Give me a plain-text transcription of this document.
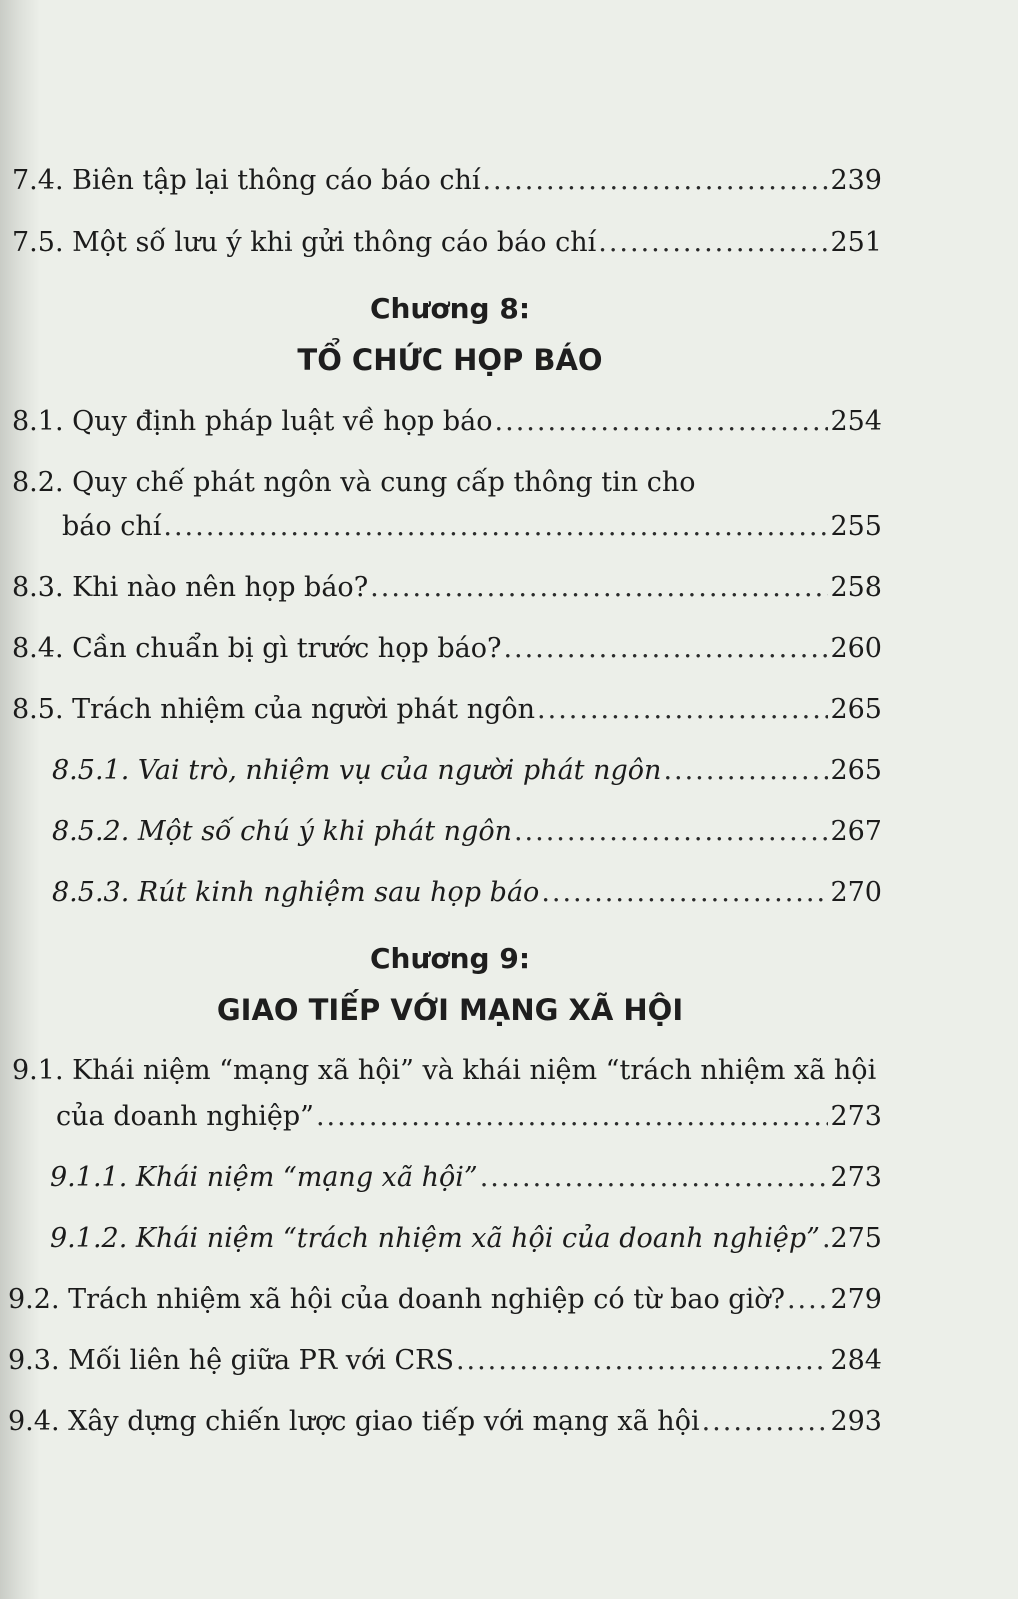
7.4. Biên tập lại thông cáo báo chí .....	239
7.5. Một số lưu ý khi gửi thông cáo báo chí .....	251
Chương 8:
TỔ CHỨC HỌP BÁO
8.1. Quy định pháp luật về họp báo .....	254
8.2. Quy chế phát ngôn và cung cấp thông tin cho
báo chí .....	255
8.3. Khi nào nên họp báo? .....	258
8.4. Cần chuẩn bị gì trước họp báo? .....	260
8.5. Trách nhiệm của người phát ngôn .....	265
8.5.1. Vai trò, nhiệm vụ của người phát ngôn .....	265
8.5.2. Một số chú ý khi phát ngôn .....	267
8.5.3. Rút kinh nghiệm sau họp báo .....	270
Chương 9:
GIAO TIẾP VỚI MẠNG XÃ HỘI
9.1. Khái niệm “mạng xã hội” và khái niệm “trách nhiệm xã hội
của doanh nghiệp” .....	273
9.1.1. Khái niệm “mạng xã hội” .....	273
9.1.2. Khái niệm “trách nhiệm xã hội của doanh nghiệp” ..... 275
9.2. Trách nhiệm xã hội của doanh nghiệp có từ bao giờ? ..... 279
9.3. Mối liên hệ giữa PR với CRS .....	284
9.4. Xây dựng chiến lược giao tiếp với mạng xã hội .....	293
